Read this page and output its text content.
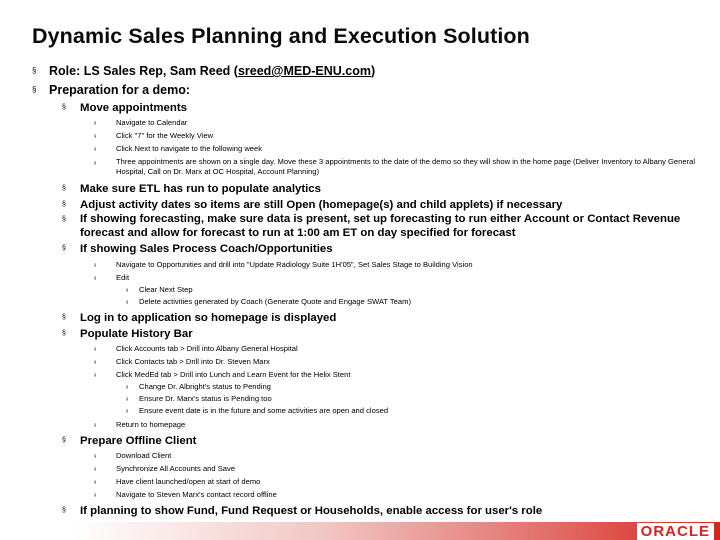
Dynamic Sales Planning and Execution Solution
§ Role: LS Sales Rep, Sam Reed (sreed@MED-ENU.com)
§ Preparation for a demo:
§	Move appointments
§	Navigate to Calendar
§	Click "7" for the Weekly View
§	Click Next to navigate to the following week
§	Three appointments are shown on a single day. Move these 3 appointments to the date of the demo so they will show in the home page (Deliver Inventory to Albany General Hospital, Call on Dr. Marx at OC Hospital, Account Planning)
§	Make sure ETL has run to populate analytics
§	Adjust activity dates so items are still Open (homepage(s) and child applets) if necessary
§	If showing forecasting, make sure data is present, set up forecasting to run either Account or Contact Revenue forecast and allow for forecast to run at 1:00 am ET on day specified for forecast
§	If showing Sales Process Coach/Opportunities
§	Navigate to Opportunities and drill into "Update Radiology Suite 1H'05", Set Sales Stage to Building Vision
§	Edit
§	Clear Next Step
§	Delete activities generated by Coach (Generate Quote and Engage SWAT Team)
§	Log in to application so homepage is displayed
§	Populate History Bar
§	Click Accounts tab > Drill into Albany General Hospital
§	Click Contacts tab > Drill into Dr. Steven Marx
§	Click MedEd tab > Drill into Lunch and Learn Event for the Helix Stent
§	Change Dr. Albright's status to Pending
§	Ensure Dr. Marx's status is Pending too
§	Ensure event date is in the future and some activities are open and closed
§	Return to homepage
§	Prepare Offline Client
§	Download Client
§	Synchronize All Accounts and Save
§	Have client launched/open at start of demo
§	Navigate to Steven Marx's contact record offline
§	If planning to show Fund, Fund Request or Households, enable access for user's role
ORACLE
